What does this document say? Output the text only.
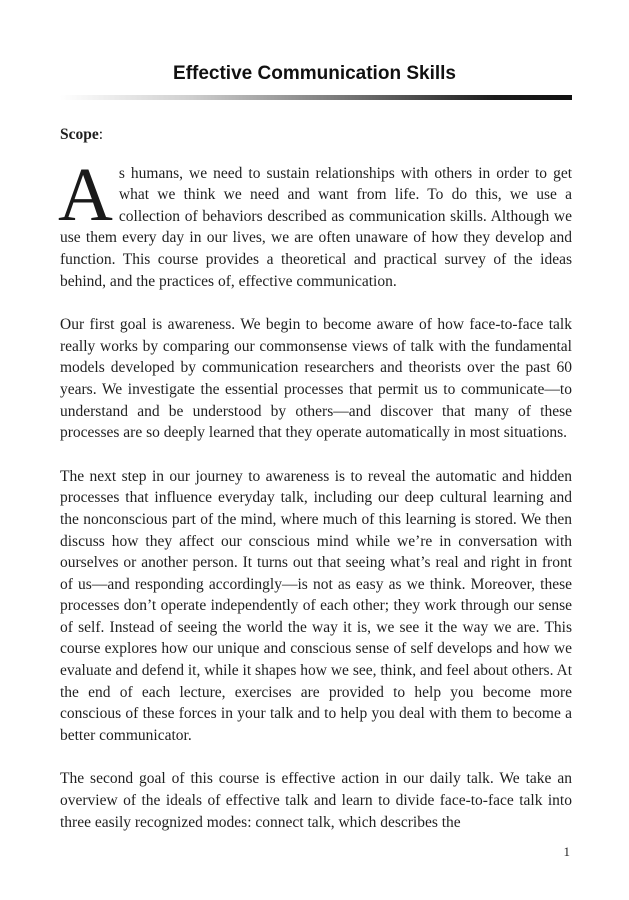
Effective Communication Skills
Scope:

As humans, we need to sustain relationships with others in order to get what we think we need and want from life. To do this, we use a collection of behaviors described as communication skills. Although we use them every day in our lives, we are often unaware of how they develop and function. This course provides a theoretical and practical survey of the ideas behind, and the practices of, effective communication.

Our first goal is awareness. We begin to become aware of how face-to-face talk really works by comparing our commonsense views of talk with the fundamental models developed by communication researchers and theorists over the past 60 years. We investigate the essential processes that permit us to communicate—to understand and be understood by others—and discover that many of these processes are so deeply learned that they operate automatically in most situations.

The next step in our journey to awareness is to reveal the automatic and hidden processes that influence everyday talk, including our deep cultural learning and the nonconscious part of the mind, where much of this learning is stored. We then discuss how they affect our conscious mind while we’re in conversation with ourselves or another person. It turns out that seeing what’s real and right in front of us—and responding accordingly—is not as easy as we think. Moreover, these processes don’t operate independently of each other; they work through our sense of self. Instead of seeing the world the way it is, we see it the way we are. This course explores how our unique and conscious sense of self develops and how we evaluate and defend it, while it shapes how we see, think, and feel about others. At the end of each lecture, exercises are provided to help you become more conscious of these forces in your talk and to help you deal with them to become a better communicator.

The second goal of this course is effective action in our daily talk. We take an overview of the ideals of effective talk and learn to divide face-to-face talk into three easily recognized modes: connect talk, which describes the

1
